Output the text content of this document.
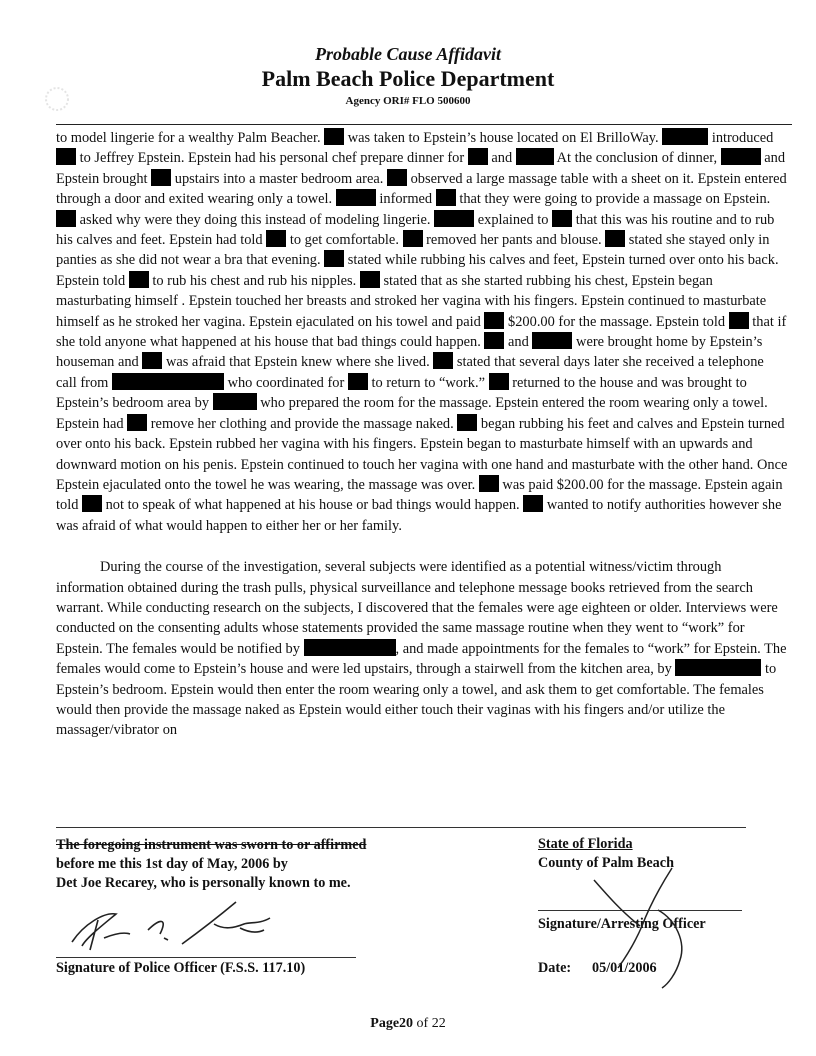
Probable Cause Affidavit
Palm Beach Police Department
Agency ORI# FLO 500600

to model lingerie for a wealthy Palm Beacher. was taken to Epstein’s house located on El BrilloWay.	introduced  to Jeffrey Epstein. Epstein had his personal chef prepare dinner for and	At the conclusion of dinner,	and Epstein brought upstairs into a master bedroom area. observed a large massage table with a sheet on it. Epstein entered through a door and exited wearing only a towel.	informed that they were going to provide a massage on Epstein.  asked why were they doing this instead of modeling lingerie.	explained to that this was his routine and to rub his calves and feet. Epstein had told to get comfortable. removed her pants and blouse. stated she stayed only in panties as she did not wear a bra that evening. stated while rubbing his calves and feet, Epstein turned over onto his back. Epstein told to rub his chest and rub his nipples. stated that as she started rubbing his chest, Epstein began masturbating himself . Epstein touched her breasts and stroked her vagina with his fingers. Epstein continued to masturbate himself as he stroked her vagina. Epstein ejaculated on his towel and paid $200.00 for the massage. Epstein told that if she told anyone what happened at his house that bad things could happen. and	were brought home by Epstein’s houseman and was afraid that Epstein knew where she lived. stated that several days later she received a telephone call from	who coordinated for to return to “work.” returned to the house and was brought to Epstein’s bedroom area by	who prepared the room for the massage. Epstein entered the room wearing only a towel. Epstein had remove her clothing and provide the massage naked. began rubbing his feet and calves and Epstein turned over onto his back. Epstein rubbed her vagina with his fingers. Epstein began to masturbate himself with an upwards and downward motion on his penis. Epstein continued to touch her vagina with one hand and masturbate with the other hand. Once Epstein ejaculated onto the towel he was wearing, the massage was over. was paid $200.00 for the massage. Epstein again told not to speak of what happened at his house or bad things would happen. wanted to notify authorities however she was afraid of what would happen to either her or her family.

During the course of the investigation, several subjects were identified as a potential witness/victim through information obtained during the trash pulls, physical surveillance and telephone message books retrieved from the search warrant. While conducting research on the subjects, I discovered that the females were age eighteen or older. Interviews were conducted on the consenting adults whose statements provided the same massage routine when they went to “work” for Epstein. The females would be notified by	, and made appointments for the females to “work” for Epstein. The females would come to Epstein’s house and were led upstairs, through a stairwell from the kitchen area, by	to Epstein’s bedroom. Epstein would then enter the room wearing only a towel, and ask them to get comfortable. The females would then provide the massage naked as Epstein would either touch their vaginas with his fingers and/or utilize the massager/vibrator on

The foregoing instrument was sworn to or affirmed
before me this 1st day of May, 2006 by
Det Joe Recarey, who is personally known to me.
Signature of Police Officer (F.S.S. 117.10)
State of Florida
County of Palm Beach
Signature/Arresting Officer
Date: 05/01/2006
Page20 of 22
